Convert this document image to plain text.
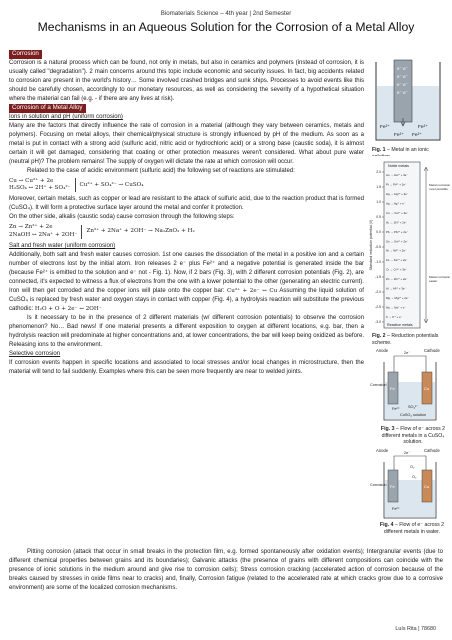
Biomaterials Science – 4th year | 2nd Semester
Mechanisms in an Aqueous Solution for the Corrosion of a Metal Alloy
Corrosion

Corrosion is a natural process which can be found, not only in metals, but also in ceramics and polymers (instead of corrosion, it is usually called "degradation"). 2 main concerns around this topic include economic and security issues. In fact, big accidents related to corrosion are present in the world's history… Some involved crashed bridges and sunk ships. Processes to avoid events like this should be carefully chosen, accordingly to our monetary resources, as well as considering the severity of a hypothetical situation where the material can fail (e.g. - if there are any lives at risk).

Corrosion of a Metal Alloy
Ions in solution and pH (uniform corrosion)

Many are the factors that directly influence the rate of corrosion in a material (although they vary between ceramics, metals and polymers). Focusing on metal alloys, their chemical/physical structure is strongly influenced by pH of the medium. As soon as a metal is put in contact with a strong acid (sulfuric acid, nitric acid or hydrochloric acid) or a strong base (caustic soda), it is almost certain it will get damaged, considering that coating or other protection measures weren't considered. What about pure water (neutral pH)? The problem remains! The supply of oxygen will dictate the rate at which corrosion will occur.

Related to the case of acidic environment (sulfuric acid) the following set of reactions are stimulated:

Cu → Cu²⁺ + 2e
H₂SO₄ ↔ 2H⁺ + SO₄²⁻
Cu²⁺ + SO₄²⁻ → CuSO₄

Moreover, certain metals, such as copper or lead are resistant to the attack of sulfuric acid, due to the reaction product that is formed (CuSO₄). It will form a protective surface layer around the metal and confer it protection.

On the other side, alkalis (caustic soda) cause corrosion through the following steps:

Zn → Zn²⁺ + 2e
2NaOH ↔ 2Na⁺ + 2OH⁻
Zn²⁺ + 2Na⁺ + 2OH⁻ → Na₂ZnO₂ + H₂
Salt and fresh water (uniform corrosion)

Additionally, both salt and fresh water causes corrosion. 1st one causes the dissociation of the metal in a positive ion and a certain number of electrons lost by the initial atom. Iron releases 2 e⁻ plus Fe²⁺ and a negative potential is generated inside the bar (because Fe²⁺ is emitted to the solution and e⁻ not - Fig. 1). Now, if 2 bars (Fig. 3), with 2 different corrosion potentials (Fig. 2), are connected, it's expected to witness a flux of electrons from the one with a lower potential to the other (generating an electric current). Iron will then get corroded and the copper ions will plate onto the copper bar: Cu²⁺ + 2e⁻ ↔ Cu Assuming the liquid solution of CuSO₄ is replaced by fresh water and oxygen stays in contact with copper (Fig. 4), a hydrolysis reaction will substitute the previous cathodic: H₂O + O + 2e⁻ ↔ 2OH⁻

Is it necessary to be in the presence of 2 different materials (w/ different corrosion potentials) to observe the corrosion phenomenon? No… Bad news! If one material presents a different exposition to oxygen at different locations, e.g. bar, then a hydrolysis reaction will predominate at higher concentrations and, at lower concentrations, the bar will keep being oxidized as before. Releasing ions to the environment.

Selective corrosion

If corrosion events happen in specific locations and associated to local stresses and/or local changes in microstructure, then the material will tend to fail suddenly. Examples where this can be seen more frequently are near to welded joints.

Pitting corrosion (attack that occur in small breaks in the protection film, e.g. formed spontaneously after oxidation events); Intergranular events (due to different chemical properties between grains and its boundaries); Galvanic attacks (the presence of grains with different compositions can coincide with the presence of ionic solutions in the medium around and give rise to corrosion cells); Stress corrosion cracking (accelerated action of corrosion because of the breaks caused by stresses in oxide films near to cracks) and, finally, Corrosion fatigue (related to the accelerated rate at which cracks grow due to a corrosive environment) are some of the localized corrosion mechanisms.

e⁻ e⁻
e⁻ e⁻
e⁻ e⁻
e⁻ e⁻
Fe²⁺	Fe²⁺
Fe²⁺ Fe²⁺
Fig. 1 – Metal in an ionic
Noble metals
Reactive metals
2.0
1.5
1.0
0.5
0.0
-0.5
-1.0
-1.5
-2.0
-2.5
-3.0
Au → Au³⁺ + 3e⁻
Pt → Pt²⁺ + 2e⁻
Hg → Hg²⁺ + 2e⁻
Ag → Ag⁺ + e⁻
Cu → Cu²⁺ + 2e⁻
H₂ → 2H⁺ + 2e⁻
Pb → Pb²⁺ + 2e⁻
Sn → Sn²⁺ + 2e⁻
Ni → Ni²⁺ + 2e⁻
Fe → Fe²⁺ + 2e⁻
Cr → Cr³⁺ + 3e⁻
Zn → Zn²⁺ + 2e⁻
Al → Al³⁺ + 3e⁻
Mg → Mg²⁺ + 2e⁻
Na → Na⁺ + e⁻
K → K⁺ + e⁻
Standard reduction potential (V)
Metal corrosion most possible
Metal corrosion easier
Fig. 2 – Reduction potentials scheme.
Anode	Cathode
2e⁻
Fe	Cu
Corrosion
Fe²⁺ SO₄²⁻
CuSO₄ solution
Fig. 3 – Flow of e⁻ across 2 different metals in a CuSO₄ solution.
Anode	Cathode
2e⁻
Fe	Cu
Corrosion
O₂
O₂
Fe²⁺
Fig. 4 – Flow of e⁻ across 2 different metals in water.
Luís Rita | 78680
